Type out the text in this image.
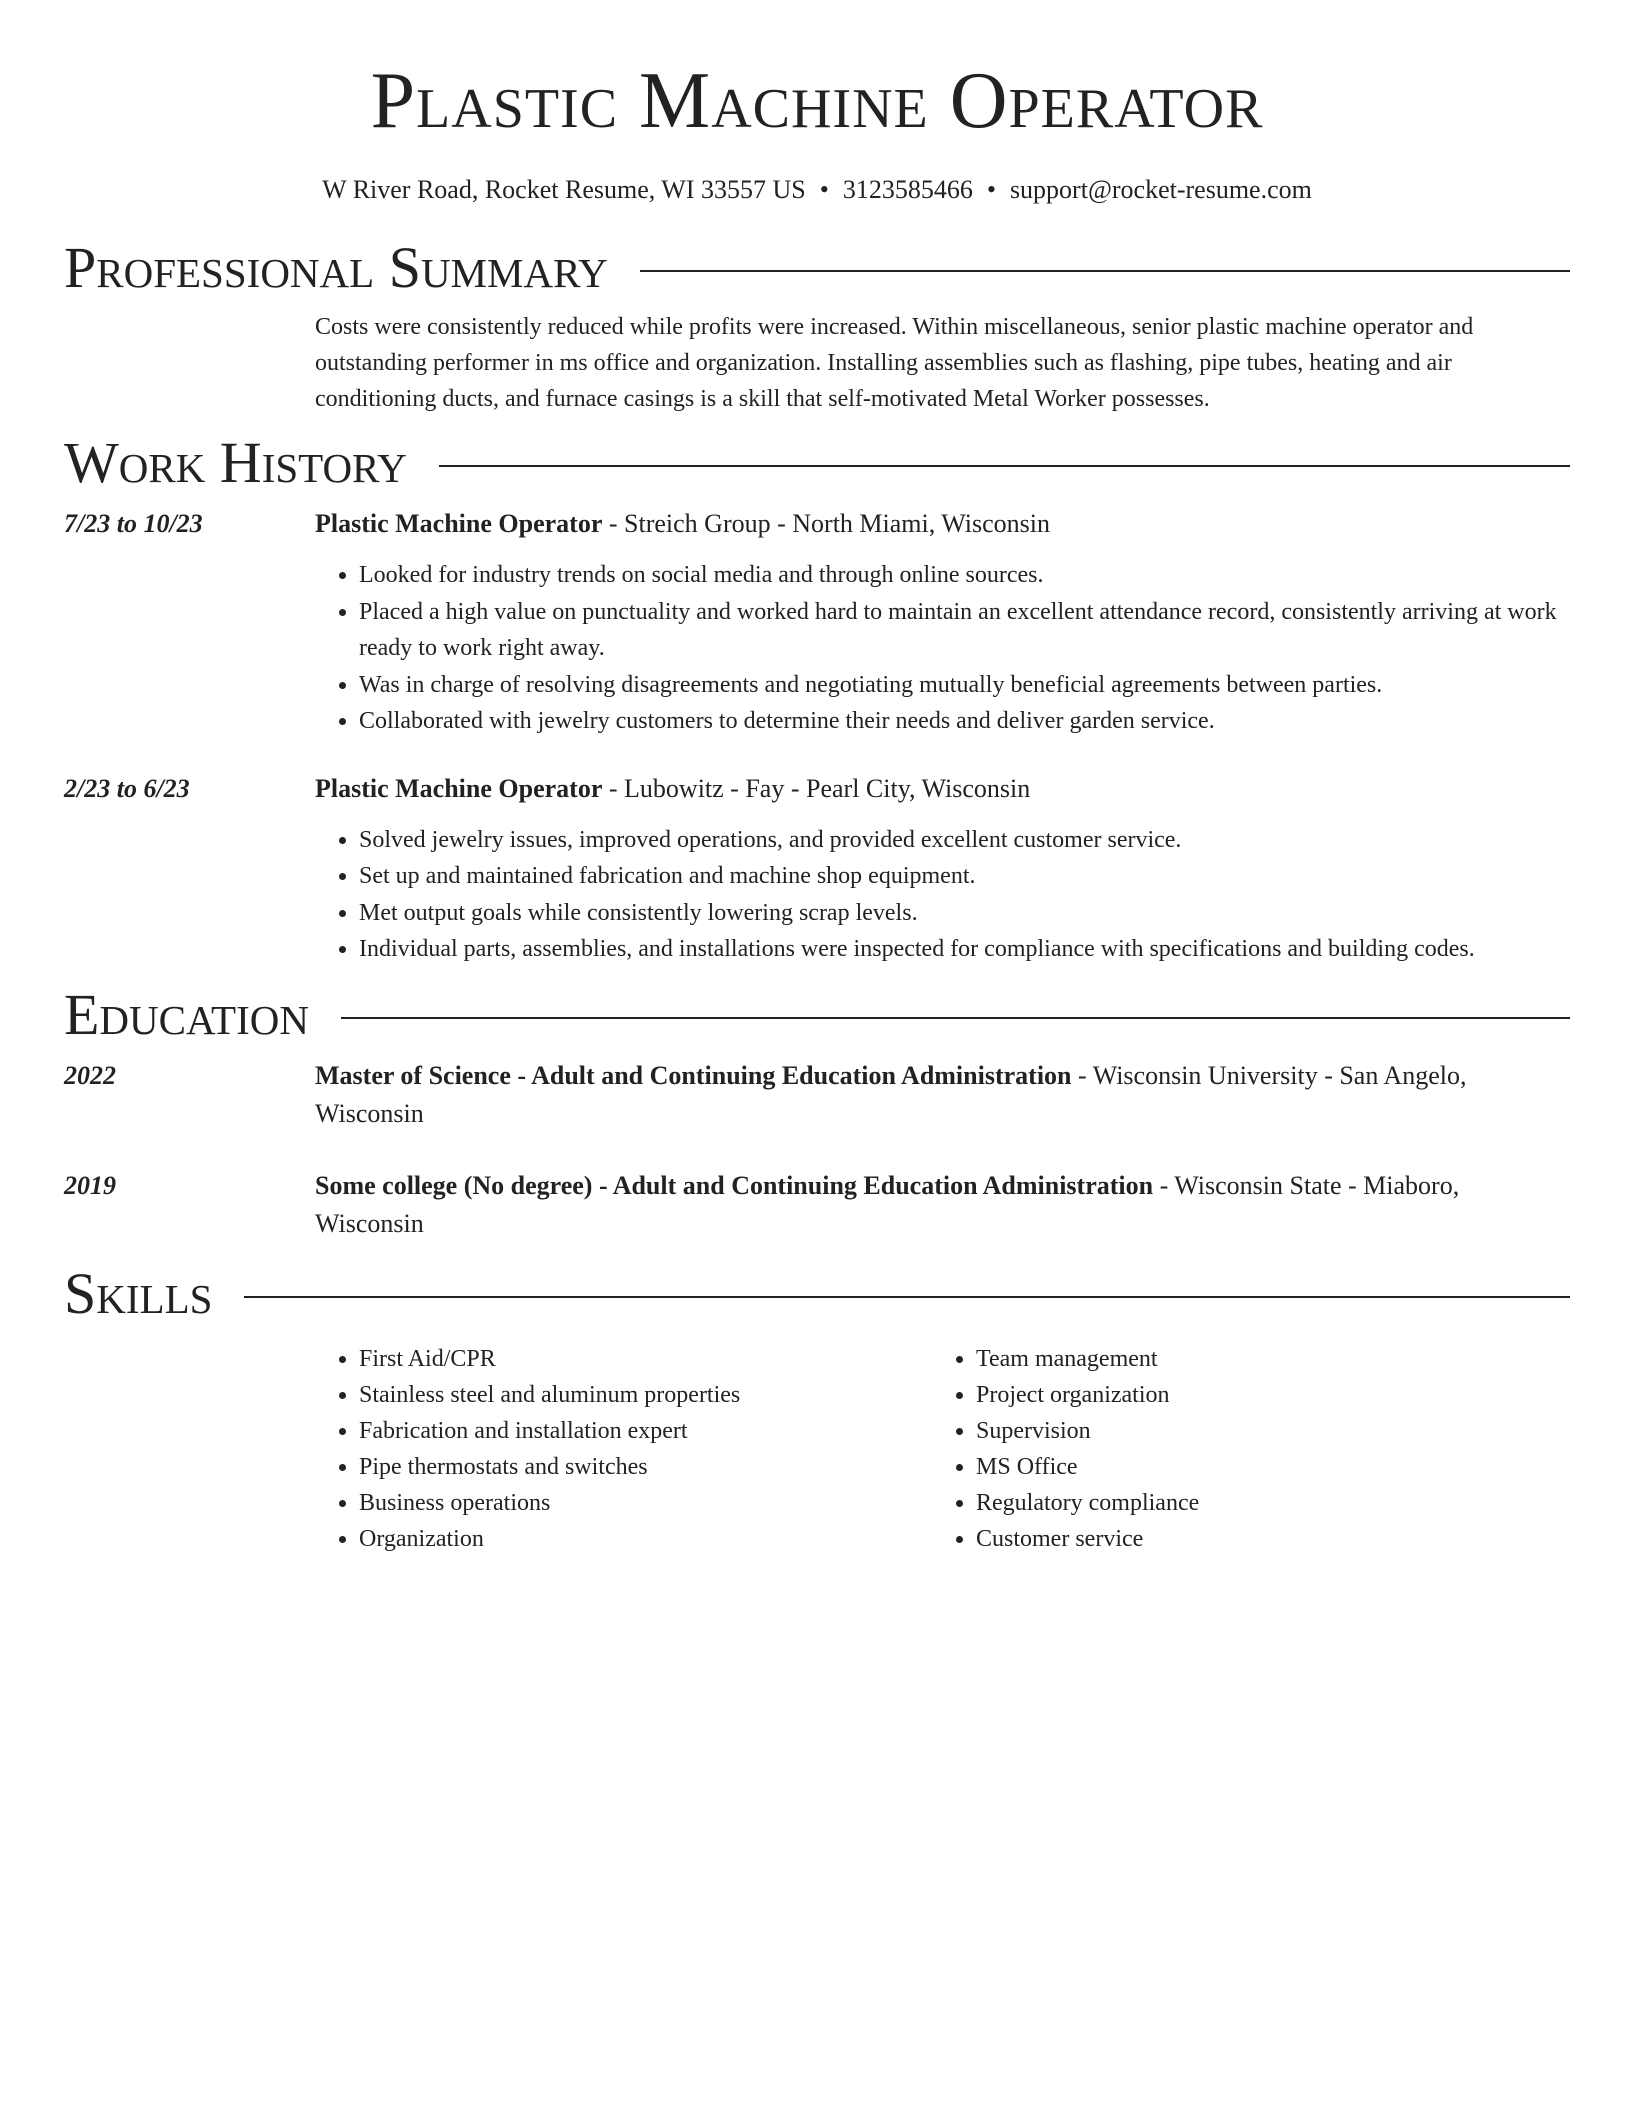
Plastic Machine Operator
W River Road, Rocket Resume, WI 33557 US • 3123585466 • support@rocket-resume.com
Professional Summary
Costs were consistently reduced while profits were increased. Within miscellaneous, senior plastic machine operator and outstanding performer in ms office and organization. Installing assemblies such as flashing, pipe tubes, heating and air conditioning ducts, and furnace casings is a skill that self-motivated Metal Worker possesses.
Work History
7/23 to 10/23	Plastic Machine Operator - Streich Group - North Miami, Wisconsin
• Looked for industry trends on social media and through online sources.
• Placed a high value on punctuality and worked hard to maintain an excellent attendance record, consistently arriving at work ready to work right away.
• Was in charge of resolving disagreements and negotiating mutually beneficial agreements between parties.
• Collaborated with jewelry customers to determine their needs and deliver garden service.
2/23 to 6/23	Plastic Machine Operator - Lubowitz - Fay - Pearl City, Wisconsin
• Solved jewelry issues, improved operations, and provided excellent customer service.
• Set up and maintained fabrication and machine shop equipment.
• Met output goals while consistently lowering scrap levels.
• Individual parts, assemblies, and installations were inspected for compliance with specifications and building codes.
Education
2022	Master of Science - Adult and Continuing Education Administration - Wisconsin University - San Angelo, Wisconsin
2019	Some college (No degree) - Adult and Continuing Education Administration - Wisconsin State - Miaboro, Wisconsin
Skills
• First Aid/CPR
• Stainless steel and aluminum properties
• Fabrication and installation expert
• Pipe thermostats and switches
• Business operations
• Organization
• Team management
• Project organization
• Supervision
• MS Office
• Regulatory compliance
• Customer service
